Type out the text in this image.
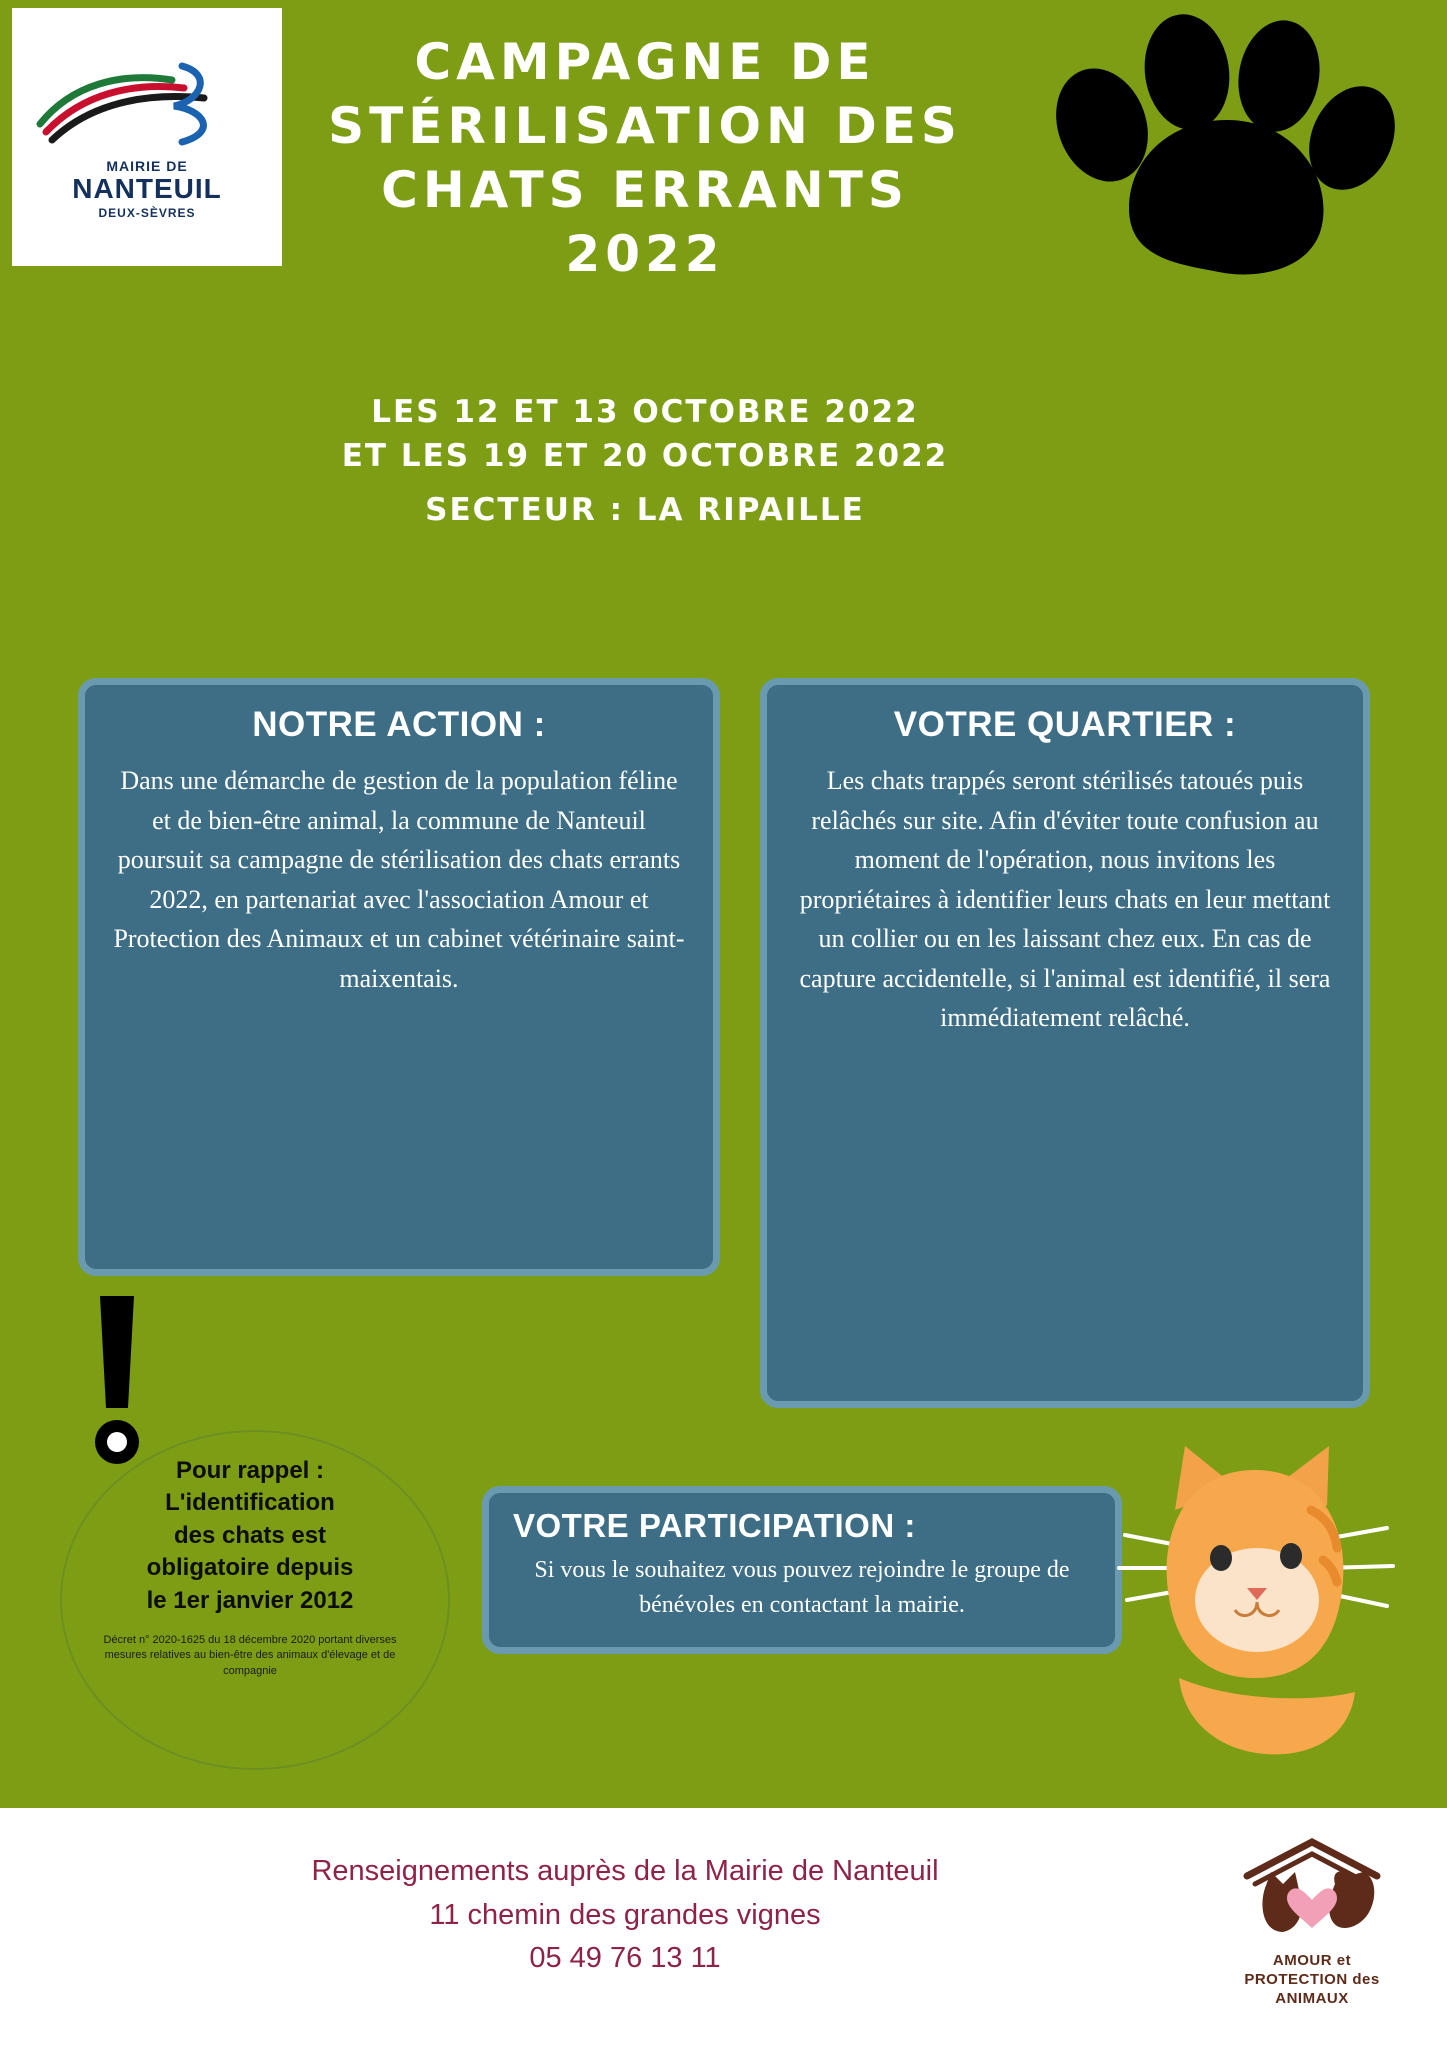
MAIRIE DE
NANTEUIL
DEUX-SÈVRES
CAMPAGNE DE
STÉRILISATION DES
CHATS ERRANTS
2022
LES 12 ET 13 OCTOBRE 2022
ET LES 19 ET 20 OCTOBRE 2022
SECTEUR : LA RIPAILLE
NOTRE ACTION :
Dans une démarche de gestion de la population féline et de bien-être animal, la commune de Nanteuil poursuit sa campagne de stérilisation des chats errants 2022, en partenariat avec l'association Amour et Protection des Animaux et un cabinet vétérinaire saint-maixentais.
VOTRE QUARTIER :
Les chats trappés seront stérilisés tatoués puis relâchés sur site. Afin d'éviter toute confusion au moment de l'opération, nous invitons les propriétaires à identifier leurs chats en leur mettant un collier ou en les laissant chez eux. En cas de capture accidentelle, si l'animal est identifié, il sera immédiatement relâché.
VOTRE PARTICIPATION :
Si vous le souhaitez vous pouvez rejoindre le groupe de bénévoles en contactant la mairie.
Pour rappel :
L'identification
des chats est
obligatoire depuis
le 1er janvier 2012
Décret n° 2020-1625 du 18 décembre 2020 portant diverses mesures relatives au bien-être des animaux d'élevage et de compagnie
Renseignements auprès de la Mairie de Nanteuil
11 chemin des grandes vignes
05 49 76 13 11	AMOUR et
PROTECTION des
ANIMAUX
